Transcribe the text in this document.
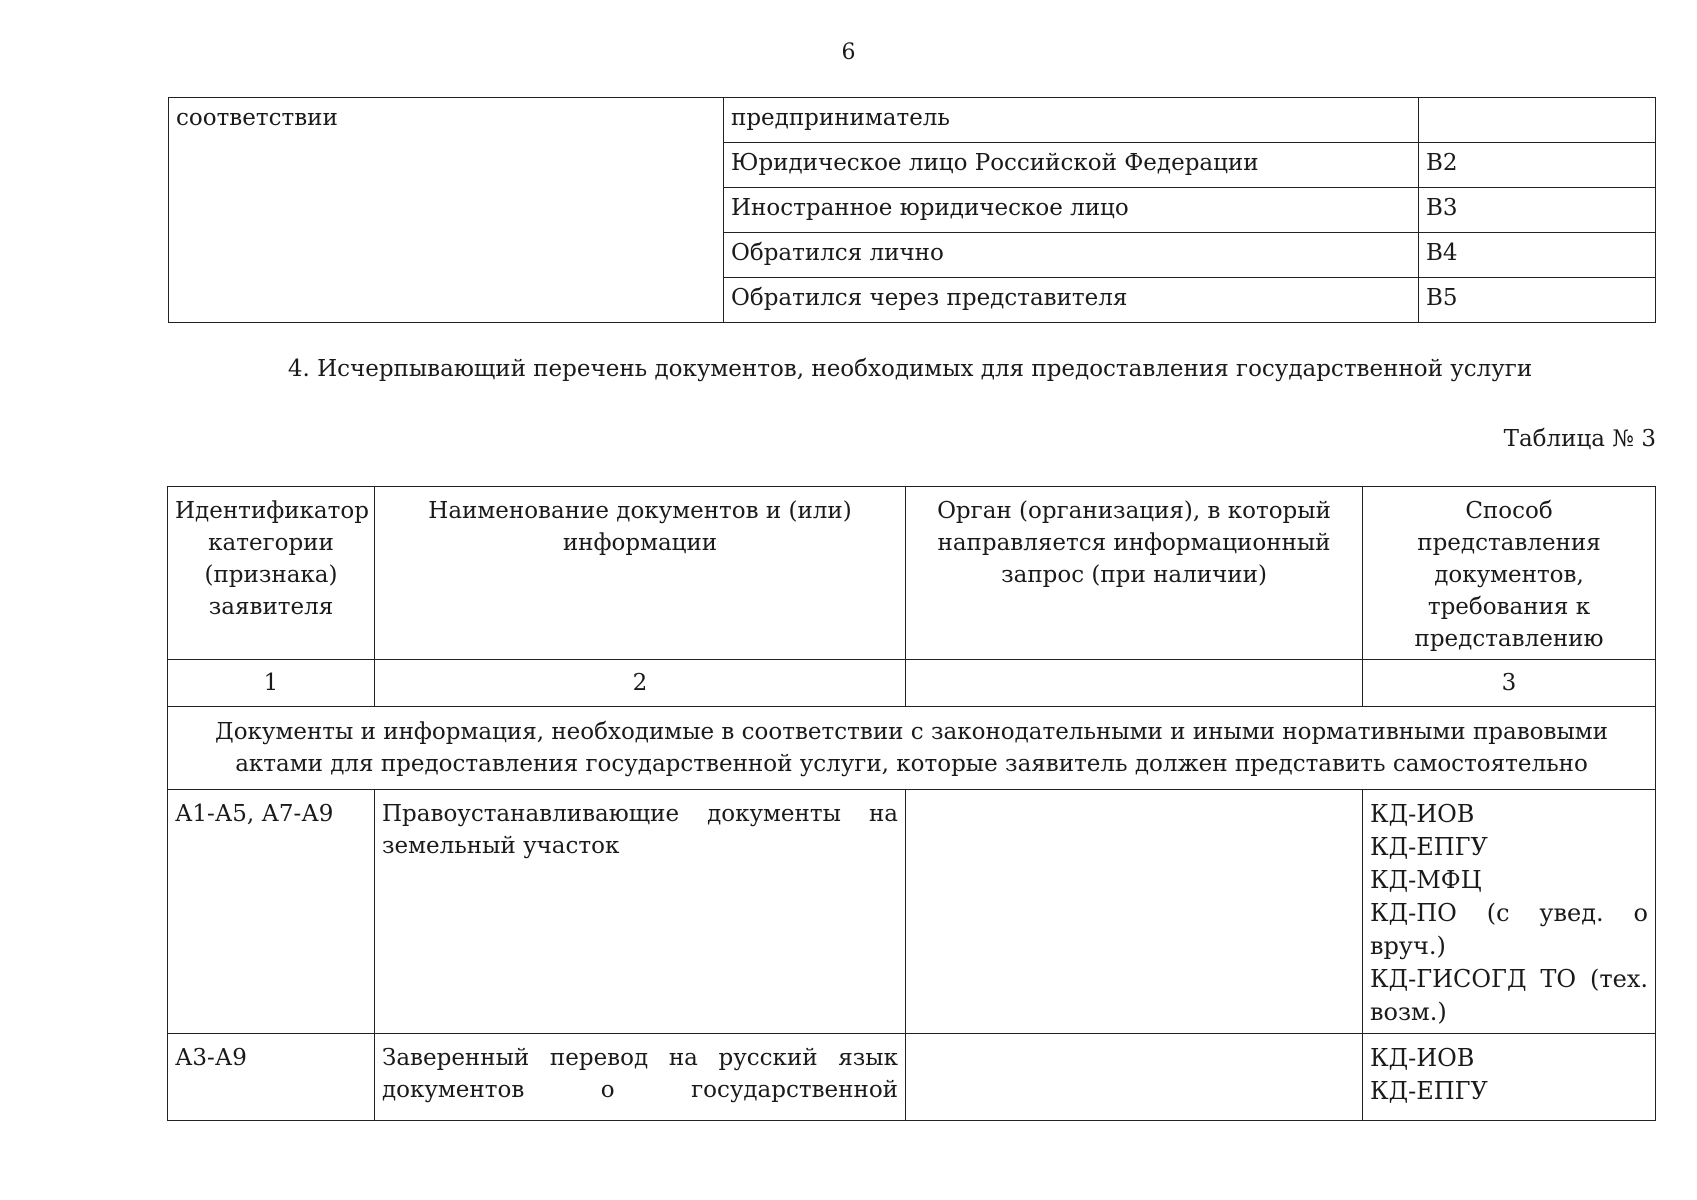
6
соответствии	предприниматель	
	Юридическое лицо Российской Федерации	В2
	Иностранное юридическое лицо	В3
	Обратился лично	В4
	Обратился через представителя	В5
4. Исчерпывающий перечень документов, необходимых для предоставления государственной услуги
Таблица № 3
Идентификатор категории (признака) заявителя	Наименование документов и (или) информации	Орган (организация), в который направляется информационный запрос (при наличии)	Способ представления документов, требования к представлению
1	2		3
Документы и информация, необходимые в соответствии с законодательными и иными нормативными правовыми актами для предоставления государственной услуги, которые заявитель должен представить самостоятельно			
А1-А5, А7-А9	Правоустанавливающие документы на земельный участок		КД-ИОВ
КД-ЕПГУ
КД-МФЦ
КД-ПО (с увед. о вруч.)
КД-ГИСОГД ТО (тех. возм.)

А3-А9	Заверенный перевод на русский язык документов о государственной		КД-ИОВ
КД-ЕПГУ
